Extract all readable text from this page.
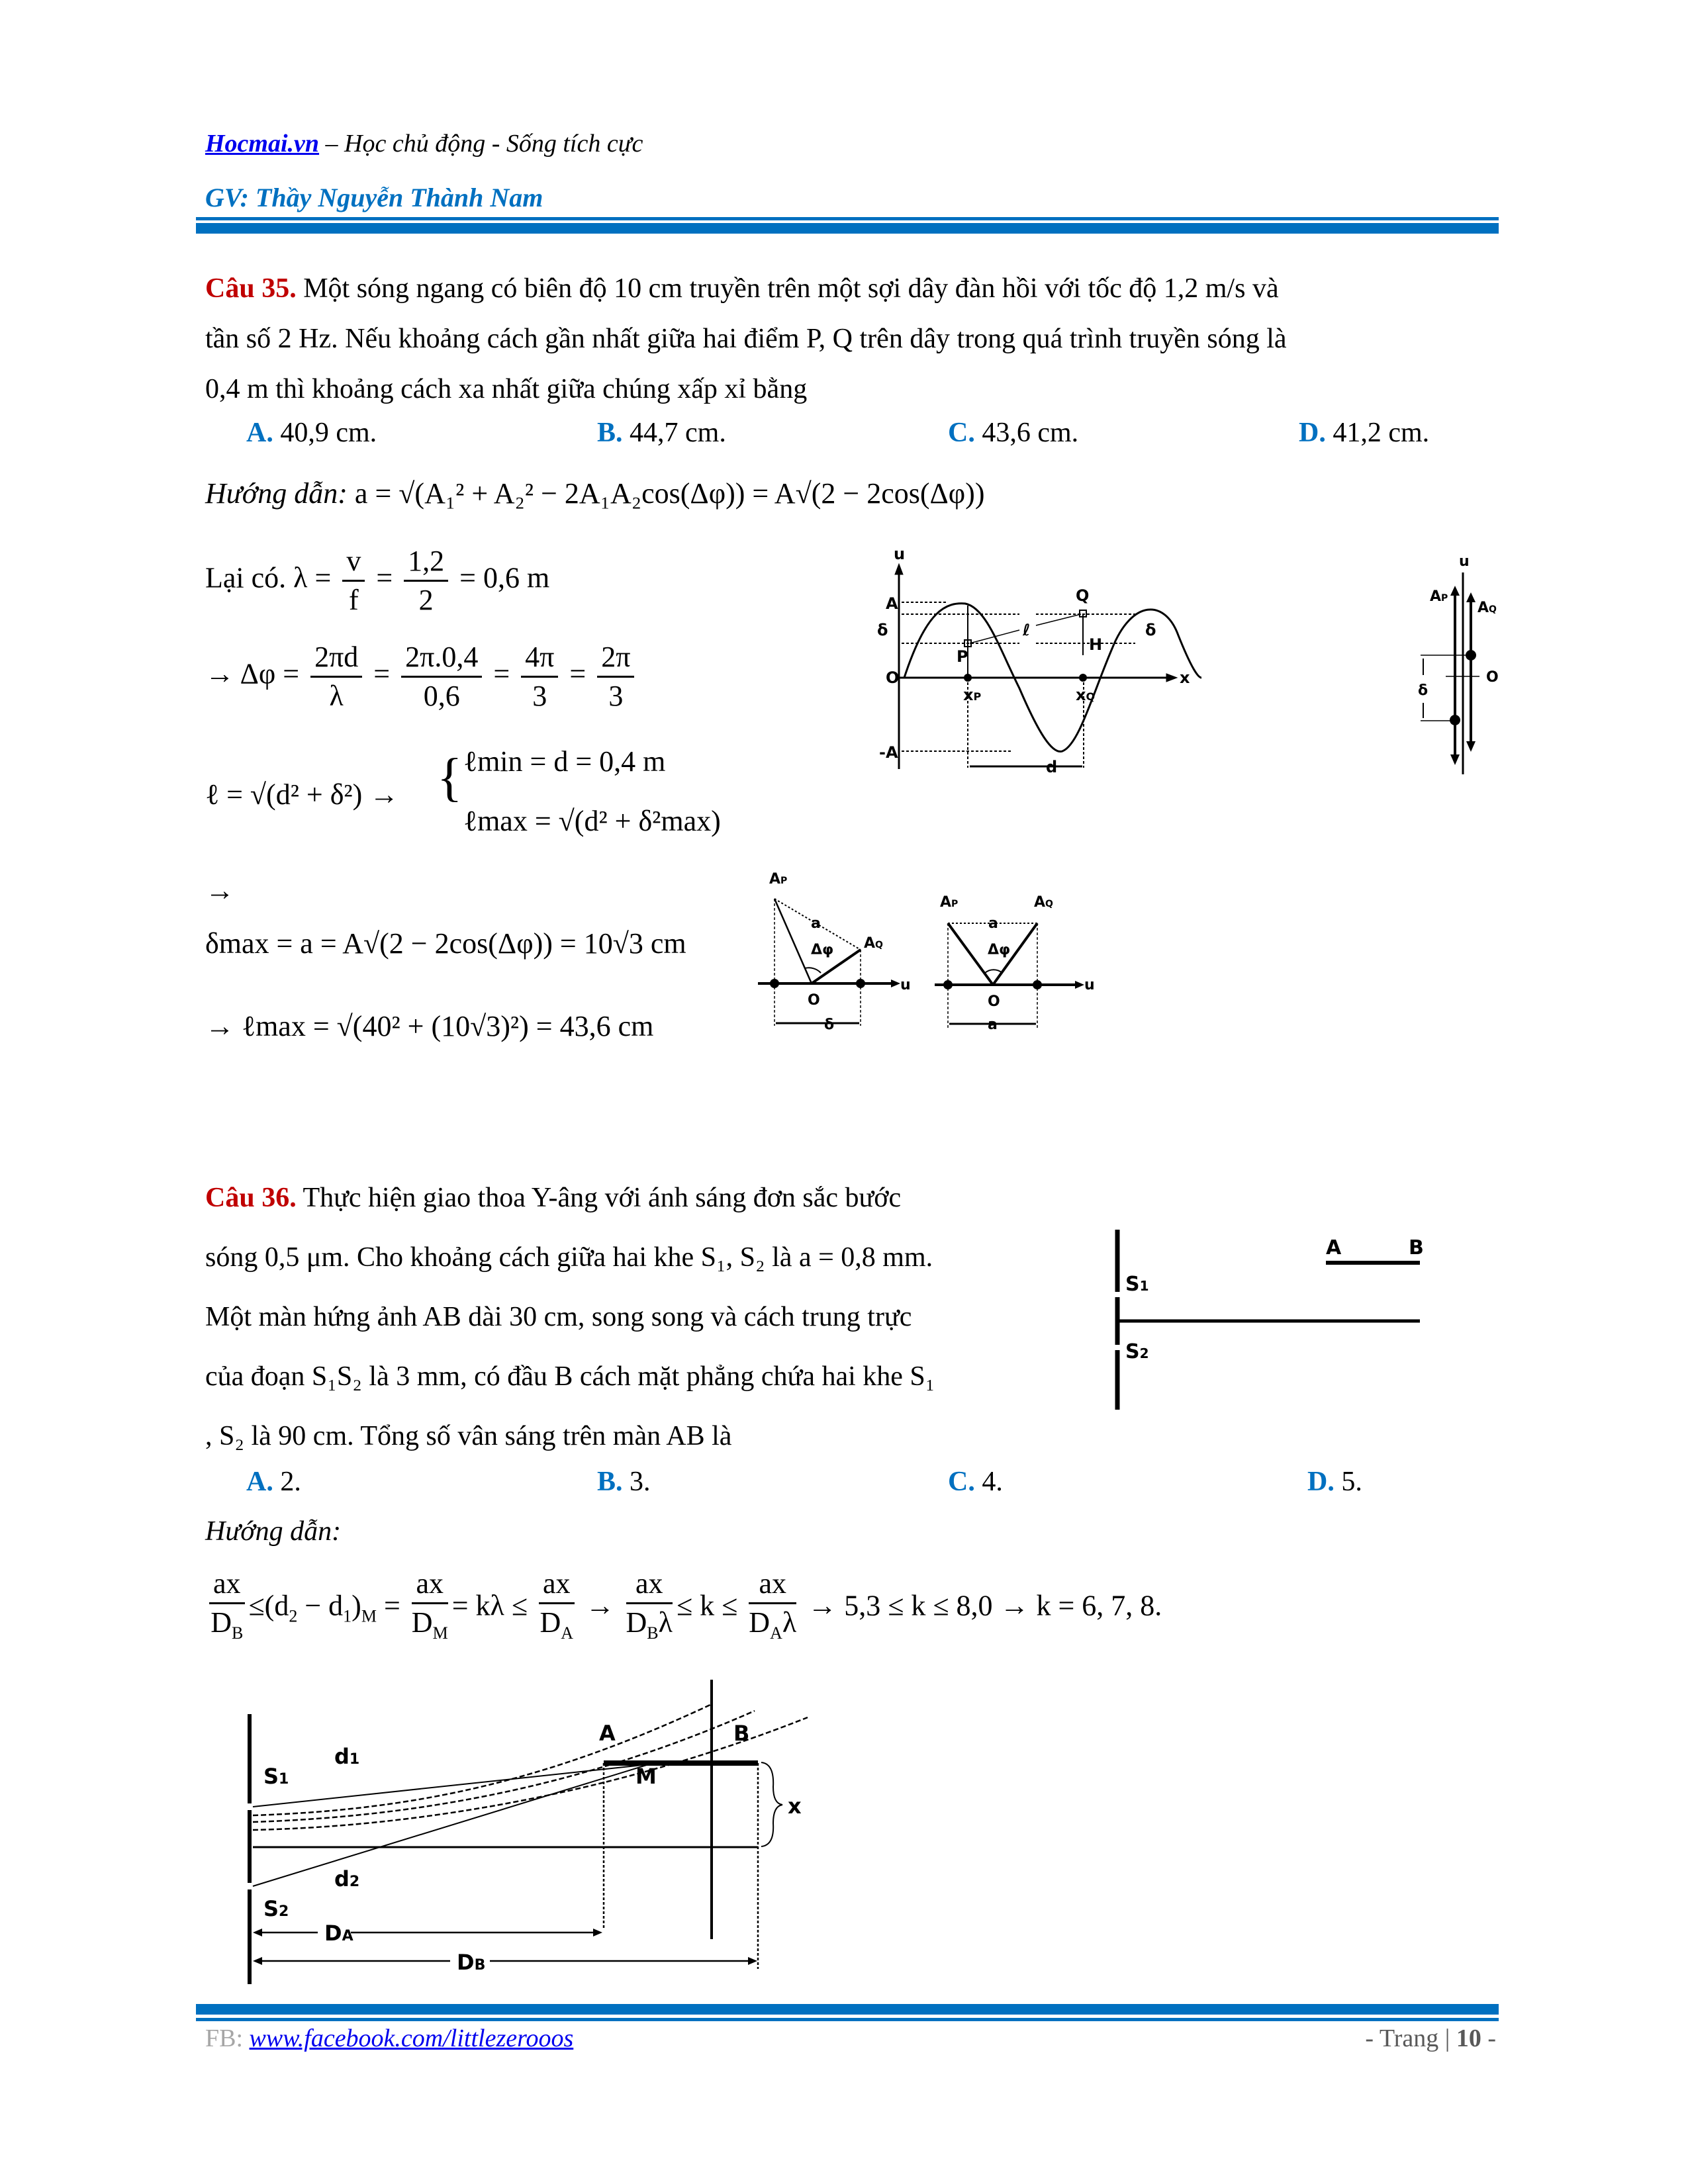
Hocmai.vn – Học chủ động - Sống tích cực
GV: Thầy Nguyễn Thành Nam
Câu 35. Một sóng ngang có biên độ 10 cm truyền trên một sợi dây đàn hồi với tốc độ 1,2 m/s và
tần số 2 Hz. Nếu khoảng cách gần nhất giữa hai điểm P, Q trên dây trong quá trình truyền sóng là
0,4 m thì khoảng cách xa nhất giữa chúng xấp xỉ bằng
A. 40,9 cm.	B. 44,7 cm.	C. 43,6 cm.	D. 41,2 cm.
Hướng dẫn: a = √(A₁² + A₂² − 2A₁A₂cos(Δφ)) = A√(2 − 2cos(Δφ))
Lại có. $\lambda = \frac{v}{f} = \frac{1,2}{2} = 0,6$ m
→ $\Delta\varphi = \frac{2\pi d}{\lambda} = \frac{2\pi.0,4}{0,6} = \frac{4\pi}{3} = \frac{2\pi}{3}$
ℓ = √(d² + δ²) → { ℓmin = d = 0,4 m
ℓmax = √(d² + δ²max)
→
δmax = a = A√(2 − 2cos(Δφ)) = 10√3 cm
→ ℓmax = √(40² + (10√3)²) = 43,6 cm
u
A
δ
O
-A
P
xP
Q
xQ
H
ℓ	δ
d
x
u
AP
AQ
δ
O
AP
a
Δφ AQ
O
u
δ
AP	AQ
a
Δφ
O
u
a
Câu 36. Thực hiện giao thoa Y-âng với ánh sáng đơn sắc bước
sóng 0,5 μm. Cho khoảng cách giữa hai khe S₁, S₂ là a = 0,8 mm.
Một màn hứng ảnh AB dài 30 cm, song song và cách trung trực
của đoạn S₁S₂ là 3 mm, có đầu B cách mặt phẳng chứa hai khe S₁
, S₂ là 90 cm. Tổng số vân sáng trên màn AB là
A	B
S1
S2
A. 2.	B. 3.	C. 4.	D. 5.
Hướng dẫn:
$\frac{ax}{D_B} \le(d_2 - d_1)_M = \frac{ax}{D_M} = k\lambda \le \frac{ax}{D_A} \to \frac{ax}{D_B\lambda} \le k \le \frac{ax}{D_A\lambda} \to 5,3 \le k \le 8,0 \to k = 6$, 7, 8.
S1
d1
A
M
B
x
d2
S2
DA
DB
FB: www.facebook.com/littlezerooos	- Trang | 10 -
